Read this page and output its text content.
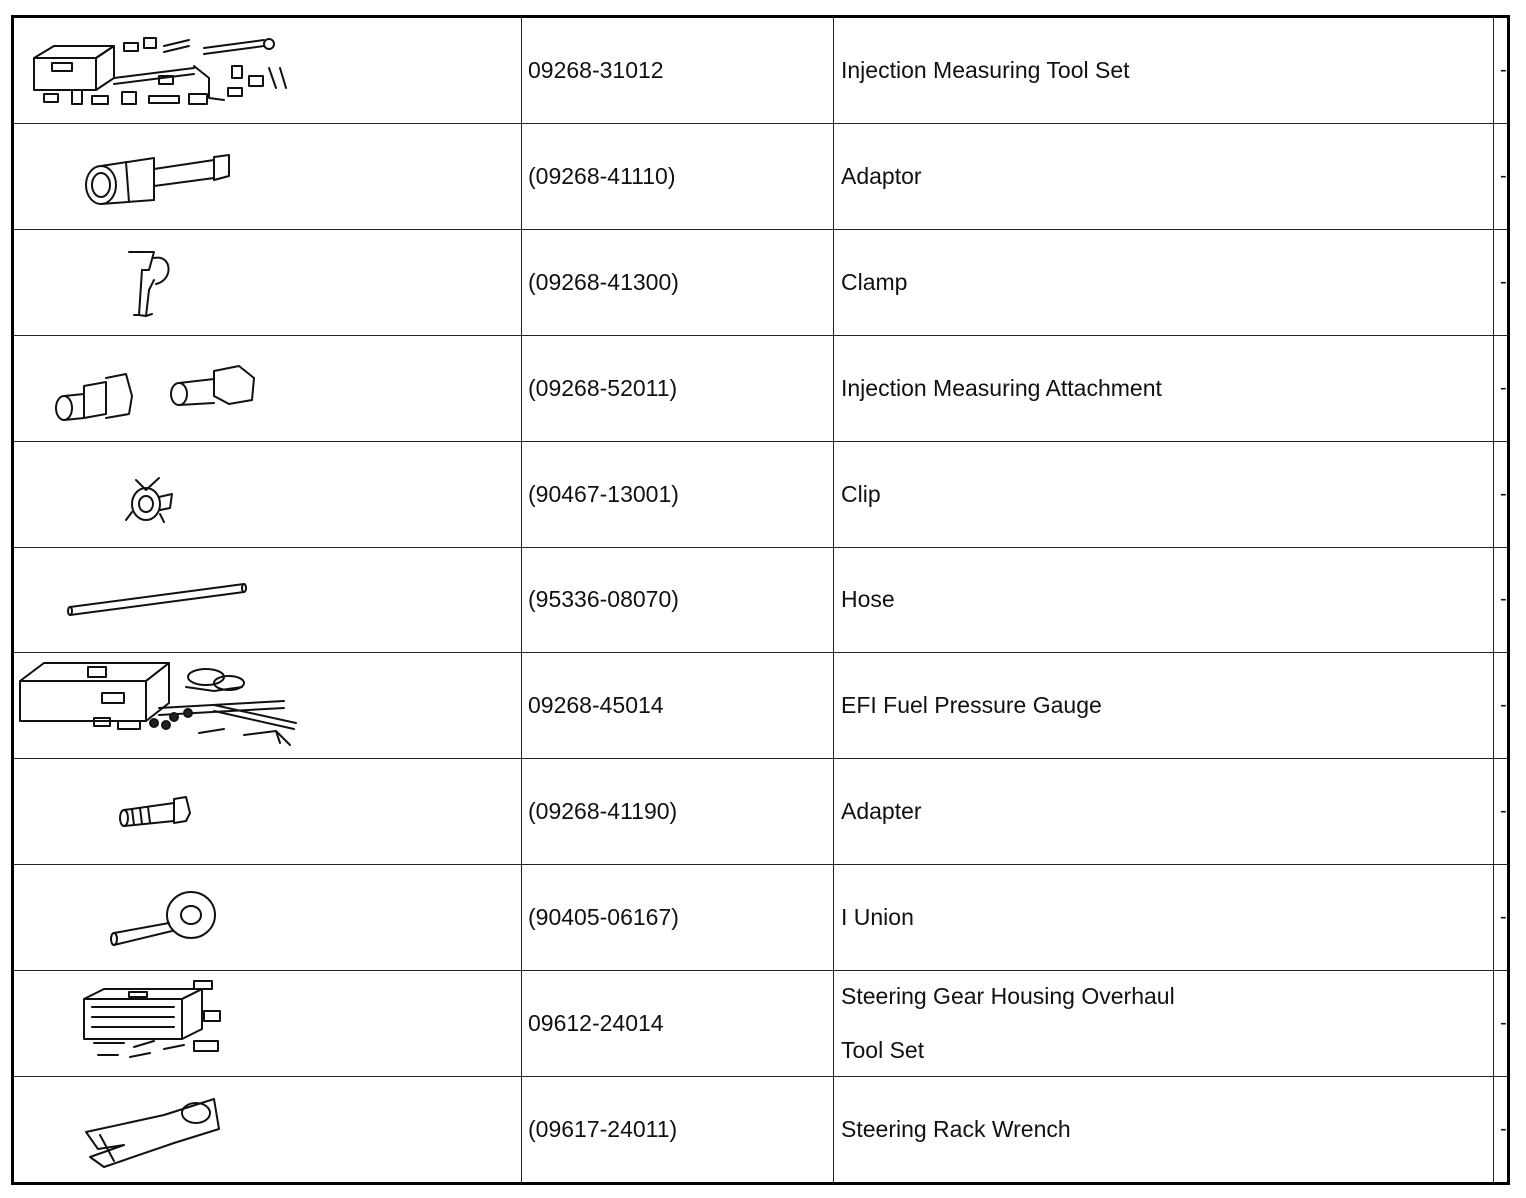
	09268-31012	Injection Measuring Tool Set	-

	(09268-41110)	Adaptor	-

	(09268-41300)	Clamp	-

	(09268-52011)	Injection Measuring Attachment	-

	(90467-13001)	Clip	-

	(95336-08070)	Hose	-

	09268-45014	EFI Fuel Pressure Gauge	-

	(09268-41190)	Adapter	-

	(90405-06167)	I Union	-

	09612-24014	Steering Gear Housing Overhaul
Tool Set	-

	(09617-24011)	Steering Rack Wrench	-
